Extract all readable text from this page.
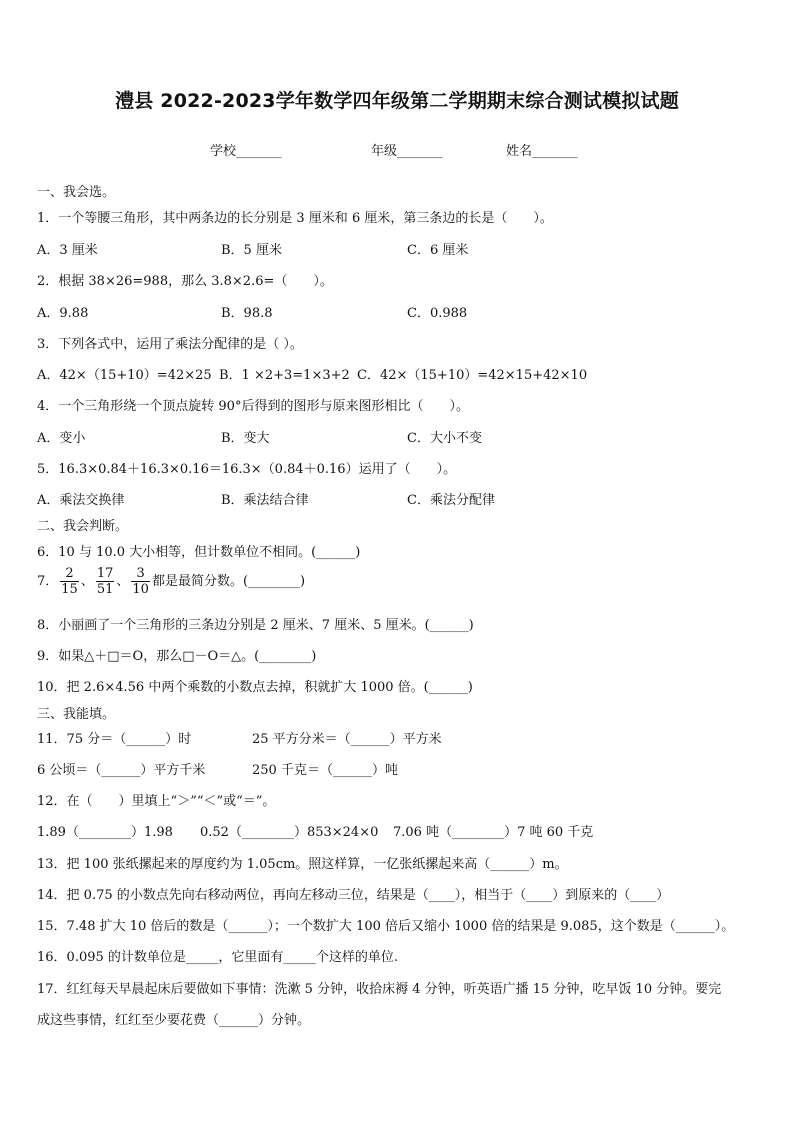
澧县 2022-2023学年数学四年级第二学期期末综合测试模拟试题
学校_______	年级_______	姓名_______
一、我会选。
1．一个等腰三角形，其中两条边的长分别是 3 厘米和 6 厘米，第三条边的长是（　　）。
A．3 厘米	B．5 厘米	C．6 厘米
2．根据 38×26=988，那么 3.8×2.6=（　　）。
A．9.88	B．98.8	C．0.988
3．下列各式中，运用了乘法分配律的是（ ）。
A．42×（15+10）=42×25 B．1 ×2+3=1×3+2 C．42×（15+10）=42×15+42×10
4．一个三角形绕一个顶点旋转 90°后得到的图形与原来图形相比（　　）。
A．变小	B．变大	C．大小不变
5．16.3×0.84＋16.3×0.16＝16.3×（0.84＋0.16）运用了（　　）。
A．乘法交换律	B．乘法结合律	C．乘法分配律
二、我会判断。
6．10 与 10.0 大小相等，但计数单位不相同。(______)
7． $\frac{2}{15}$ 、 $\frac{17}{51}$ 、 $\frac{3}{10}$ 都是最简分数。(________)
8．小丽画了一个三角形的三条边分别是 2 厘米、7 厘米、5 厘米。(______)
9．如果△＋□＝O，那么□－O＝△。(________)
10．把 2.6×4.56 中两个乘数的小数点去掉，积就扩大 1000 倍。(______)
三、我能填。
11．75 分＝（______）时	25 平方分米＝（______）平方米
6 公顷＝（______）平方千米	250 千克＝（______）吨
12．在（　　）里填上“＞”“＜”或“＝”。
1.89（________）1.98 0.52（________）853×24×0 7.06 吨（________）7 吨 60 千克
13．把 100 张纸摞起来的厚度约为 1.05cm。照这样算，一亿张纸摞起来高（______）m。
14．把 0.75 的小数点先向右移动两位，再向左移动三位，结果是（____），相当于（____）到原来的（____）
15．7.48 扩大 10 倍后的数是（______）；一个数扩大 100 倍后又缩小 1000 倍的结果是 9.085，这个数是（______）。
16．0.095 的计数单位是_____，它里面有_____个这样的单位.
17．红红每天早晨起床后要做如下事情：洗漱 5 分钟，收拾床褥 4 分钟，听英语广播 15 分钟，吃早饭 10 分钟。要完
成这些事情，红红至少要花费（______）分钟。
